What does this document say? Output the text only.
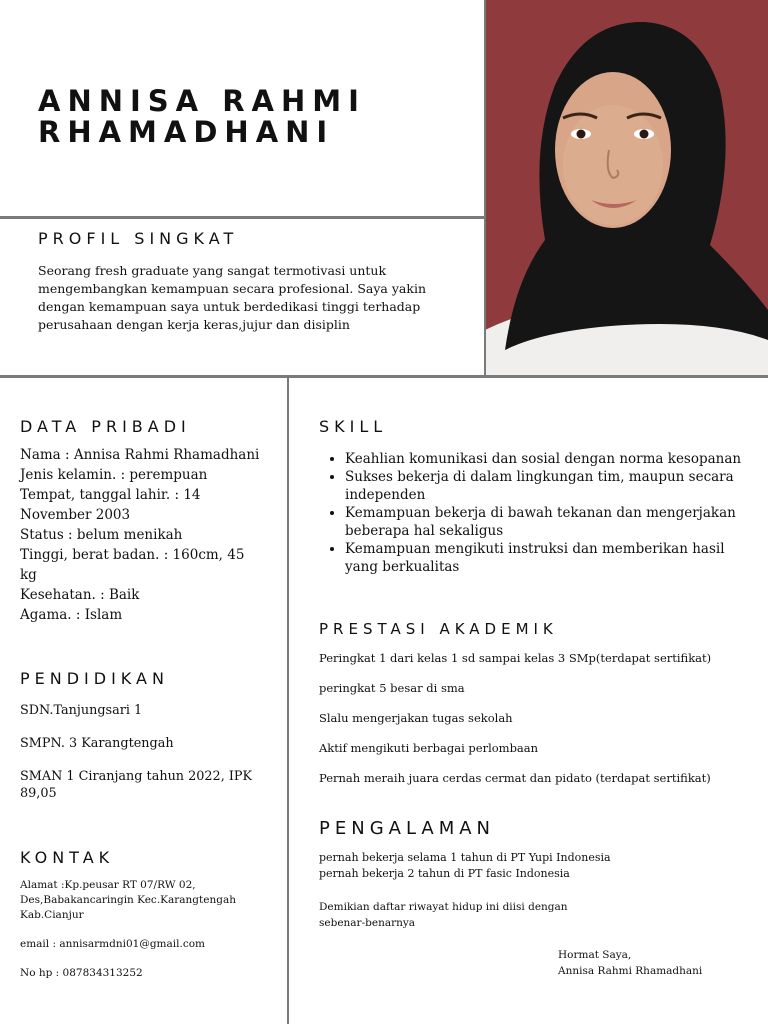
ANNISA RAHMI
RHAMADHANI
PROFIL SINGKAT
Seorang fresh graduate yang sangat termotivasi untuk mengembangkan kemampuan secara profesional. Saya yakin dengan kemampuan saya untuk berdedikasi tinggi terhadap perusahaan dengan kerja keras,jujur dan disiplin
DATA PRIBADI
Nama : Annisa Rahmi Rhamadhani
Jenis kelamin. : perempuan
Tempat, tanggal lahir. : 14 November 2003
Status : belum menikah
Tinggi, berat badan. : 160cm, 45 kg
Kesehatan. : Baik
Agama. : Islam
PENDIDIKAN
SDN.Tanjungsari 1
SMPN. 3 Karangtengah
SMAN 1 Ciranjang tahun 2022, IPK 89,05
KONTAK
Alamat :Kp.peusar RT 07/RW 02, Des,Babakancaringin Kec.Karangtengah Kab.Cianjur
email : annisarmdni01@gmail.com
No hp : 087834313252
SKILL
• Keahlian komunikasi dan sosial dengan norma kesopanan
• Sukses bekerja di dalam lingkungan tim, maupun secara independen
• Kemampuan bekerja di bawah tekanan dan mengerjakan beberapa hal sekaligus
• Kemampuan mengikuti instruksi dan memberikan hasil yang berkualitas
PRESTASI AKADEMIK
Peringkat 1 dari kelas 1 sd sampai kelas 3 SMp(terdapat sertifikat)
peringkat 5 besar di sma
Slalu mengerjakan tugas sekolah
Aktif mengikuti berbagai perlombaan
Pernah meraih juara cerdas cermat dan pidato (terdapat sertifikat)
PENGALAMAN
pernah bekerja selama 1 tahun di PT Yupi Indonesia
pernah bekerja 2 tahun di PT fasic Indonesia
Demikian daftar riwayat hidup ini diisi dengan sebenar-benarnya
Hormat Saya,
Annisa Rahmi Rhamadhani
